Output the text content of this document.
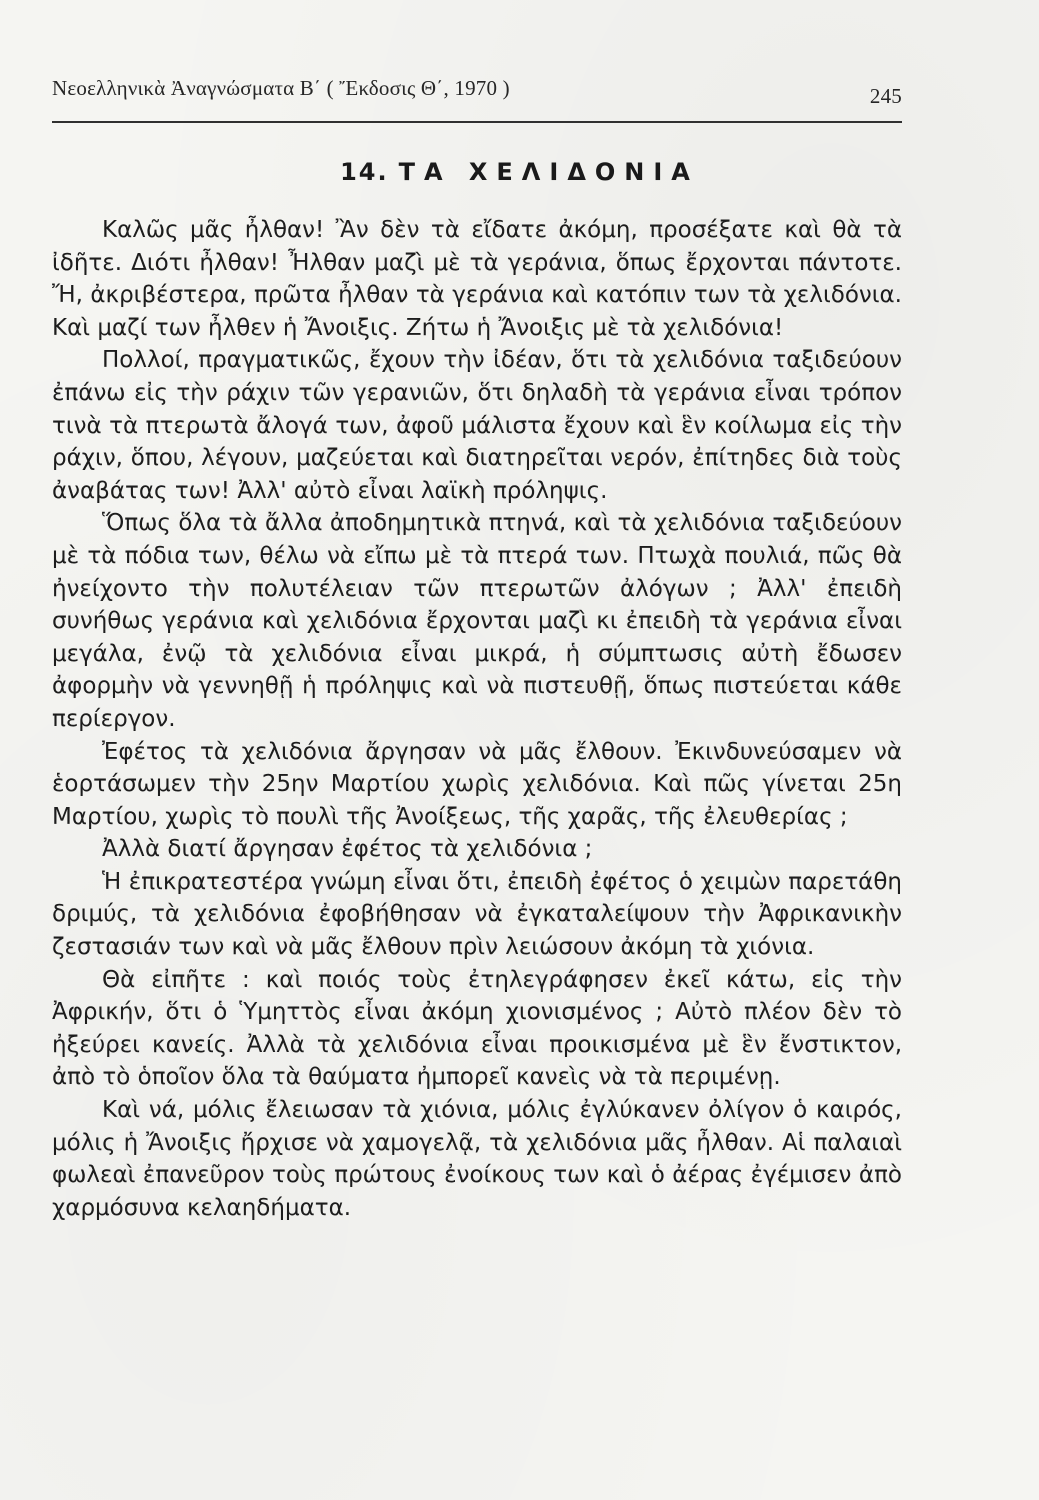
Νεοελληνικὰ Ἀναγνώσματα Β΄ ( Ἔκδοσις Θ΄, 1970 )	245
14. ΤΑ ΧΕΛΙΔΟΝΙΑ

Καλῶς μᾶς ἦλθαν! Ἂν δὲν τὰ εἴδατε ἀκόμη, προσέξατε καὶ θὰ τὰ ἰδῆτε. Διότι ἦλθαν! Ἦλθαν μαζὶ μὲ τὰ γεράνια, ὅπως ἔρχονται πάντοτε. Ἤ, ἀκριβέστερα, πρῶτα ἦλθαν τὰ γεράνια καὶ κατόπιν των τὰ χελιδόνια. Καὶ μαζί των ἦλθεν ἡ Ἄνοιξις. Ζήτω ἡ Ἄνοιξις μὲ τὰ χελιδόνια!

Πολλοί, πραγματικῶς, ἔχουν τὴν ἰδέαν, ὅτι τὰ χελιδόνια ταξιδεύουν ἐπάνω εἰς τὴν ράχιν τῶν γερανιῶν, ὅτι δηλαδὴ τὰ γεράνια εἶναι τρόπον τινὰ τὰ πτερωτὰ ἄλογά των, ἀφοῦ μάλιστα ἔχουν καὶ ἓν κοίλωμα εἰς τὴν ράχιν, ὅπου, λέγουν, μαζεύεται καὶ διατηρεῖται νερόν, ἐπίτηδες διὰ τοὺς ἀναβάτας των! Ἀλλ' αὐτὸ εἶναι λαϊκὴ πρόληψις.

Ὅπως ὅλα τὰ ἄλλα ἀποδημητικὰ πτηνά, καὶ τὰ χελιδόνια ταξιδεύουν μὲ τὰ πόδια των, θέλω νὰ εἴπω μὲ τὰ πτερά των. Πτωχὰ πουλιά, πῶς θὰ ἠνείχοντο τὴν πολυτέλειαν τῶν πτερωτῶν ἀλόγων ; Ἀλλ' ἐπειδὴ συνήθως γεράνια καὶ χελιδόνια ἔρχονται μαζὶ κι ἐπειδὴ τὰ γεράνια εἶναι μεγάλα, ἐνῷ τὰ χελιδόνια εἶναι μικρά, ἡ σύμπτωσις αὐτὴ ἔδωσεν ἀφορμὴν νὰ γεννηθῇ ἡ πρόληψις καὶ νὰ πιστευθῇ, ὅπως πιστεύεται κάθε περίεργον.

Ἐφέτος τὰ χελιδόνια ἄργησαν νὰ μᾶς ἔλθουν. Ἐκινδυνεύσαμεν νὰ ἑορτάσωμεν τὴν 25ην Μαρτίου χωρὶς χελιδόνια. Καὶ πῶς γίνεται 25η Μαρτίου, χωρὶς τὸ πουλὶ τῆς Ἀνοίξεως, τῆς χαρᾶς, τῆς ἐλευθερίας ;

Ἀλλὰ διατί ἄργησαν ἐφέτος τὰ χελιδόνια ;

Ἡ ἐπικρατεστέρα γνώμη εἶναι ὅτι, ἐπειδὴ ἐφέτος ὁ χειμὼν παρετάθη δριμύς, τὰ χελιδόνια ἐφοβήθησαν νὰ ἐγκαταλείψουν τὴν Ἀφρικανικὴν ζεστασιάν των καὶ νὰ μᾶς ἔλθουν πρὶν λειώσουν ἀκόμη τὰ χιόνια.

Θὰ εἰπῆτε : καὶ ποιός τοὺς ἐτηλεγράφησεν ἐκεῖ κάτω, εἰς τὴν Ἀφρικήν, ὅτι ὁ Ὑμηττὸς εἶναι ἀκόμη χιονισμένος ; Αὐτὸ πλέον δὲν τὸ ἠξεύρει κανείς. Ἀλλὰ τὰ χελιδόνια εἶναι προικισμένα μὲ ἓν ἔνστικτον, ἀπὸ τὸ ὁποῖον ὅλα τὰ θαύματα ἠμπορεῖ κανεὶς νὰ τὰ περιμένῃ.

Καὶ νά, μόλις ἔλειωσαν τὰ χιόνια, μόλις ἐγλύκανεν ὀλίγον ὁ καιρός, μόλις ἡ Ἄνοιξις ἤρχισε νὰ χαμογελᾷ, τὰ χελιδόνια μᾶς ἦλθαν. Αἱ παλαιαὶ φωλεαὶ ἐπανεῦρον τοὺς πρώτους ἐνοίκους των καὶ ὁ ἀέρας ἐγέμισεν ἀπὸ χαρμόσυνα κελαηδήματα.
